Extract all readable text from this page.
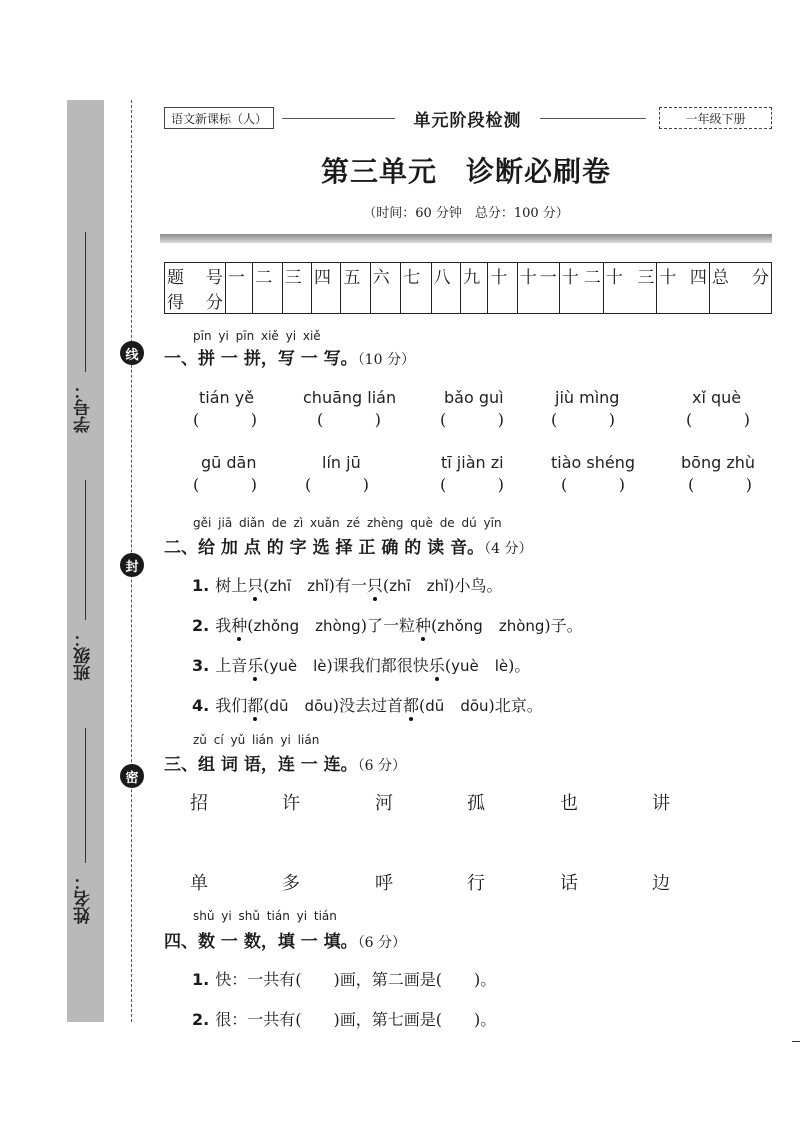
学号：
班级：
姓名：
线
封
密
语文新课标（人）	单元阶段检测	一年级下册
第三单元　诊断必刷卷
（时间：60 分钟　总分：100 分）
题　号	一	二	三	四	五	六	七	八	九	十	十一	十二	十三	十四	总　分
得　分															
pīn yi pīn xiě yi xiě
一、拼 一 拼，写 一 写。（10 分）
tián yě	chuāng lián	bǎo guì	jiù mìng	xǐ què
(	)	(	)	(	)	(	)	(	)
gū dān	lín jū	tī jiàn zi	tiào shéng	bōng zhù
(	)	(	)	(	)	(	)	(	)
gěi jiā diǎn de zì xuǎn zé zhèng què de dú yīn
二、给 加 点 的 字 选 择 正 确 的 读 音。（4 分）
1. 树上只(zhī　 zhǐ)有一只(zhī　 zhǐ)小鸟。
2. 我种(zhǒng　 zhòng)了一粒种(zhǒng　 zhòng)子。
3. 上音乐(yuè　 lè)课我们都很快乐(yuè　 lè)。
4. 我们都(dū　 dōu)没去过首都(dū　 dōu)北京。
zǔ cí yǔ lián yi lián
三、组 词 语，连 一 连。（6 分）
招	许	河	孤	也	讲
单	多	呼	行	话	边
shǔ yi shǔ tián yi tián
四、数 一 数，填 一 填。（6 分）
1. 快：一共有(　　)画，第二画是(　　)。
2. 很：一共有(　　)画，第七画是(　　)。
